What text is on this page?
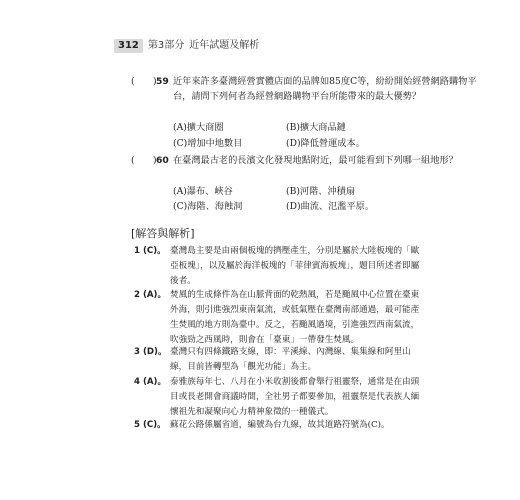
312 第3部分 近年試題及解析
(　　) 59 近年來許多臺灣經營實體店面的品牌如85度C等，紛紛開始經營網路購物平台，請問下列何者為經營網路購物平台所能帶來的最大優勢？
(A)擴大商圈	(B)擴大商品鏈
(C)增加中地數目	(D)降低營運成本。
(　　) 60 在臺灣最古老的長濱文化發現地點附近，最可能看到下列哪一組地形？
(A)瀑布、峽谷	(B)河階、沖積扇
(C)海階、海蝕洞	(D)曲流、氾濫平原。
[解答與解析]
1 (C)。 臺灣島主要是由兩個板塊的擠壓產生，分別是屬於大陸板塊的「歐亞板塊」，以及屬於海洋板塊的「菲律賓海板塊」，題目所述者即屬後者。
2 (A)。 焚風的生成條件為在山脈背面的乾熱風，若是颱風中心位置在臺東外海，則引進強烈東南氣流，或低氣壓在臺灣南部通過，最可能產生焚風的地方則為臺中。反之，若颱風過境，引進強烈西南氣流，吹強勁之西風時，則會在「臺東」一帶發生焚風。
3 (D)。 臺灣只有四條鐵路支線，即：平溪線、內灣線、集集線和阿里山線，目前皆轉型為「觀光功能」為主。
4 (A)。 泰雅族每年七、八月在小米收割後都會舉行祖靈祭，通常是在由頭目或長老開會商議時間，全社男子都要參加，祖靈祭是代表族人緬懷祖先和凝聚向心力精神象徵的一種儀式。
5 (C)。 蘇花公路係屬省道，編號為台九線，故其道路符號為(C)。
